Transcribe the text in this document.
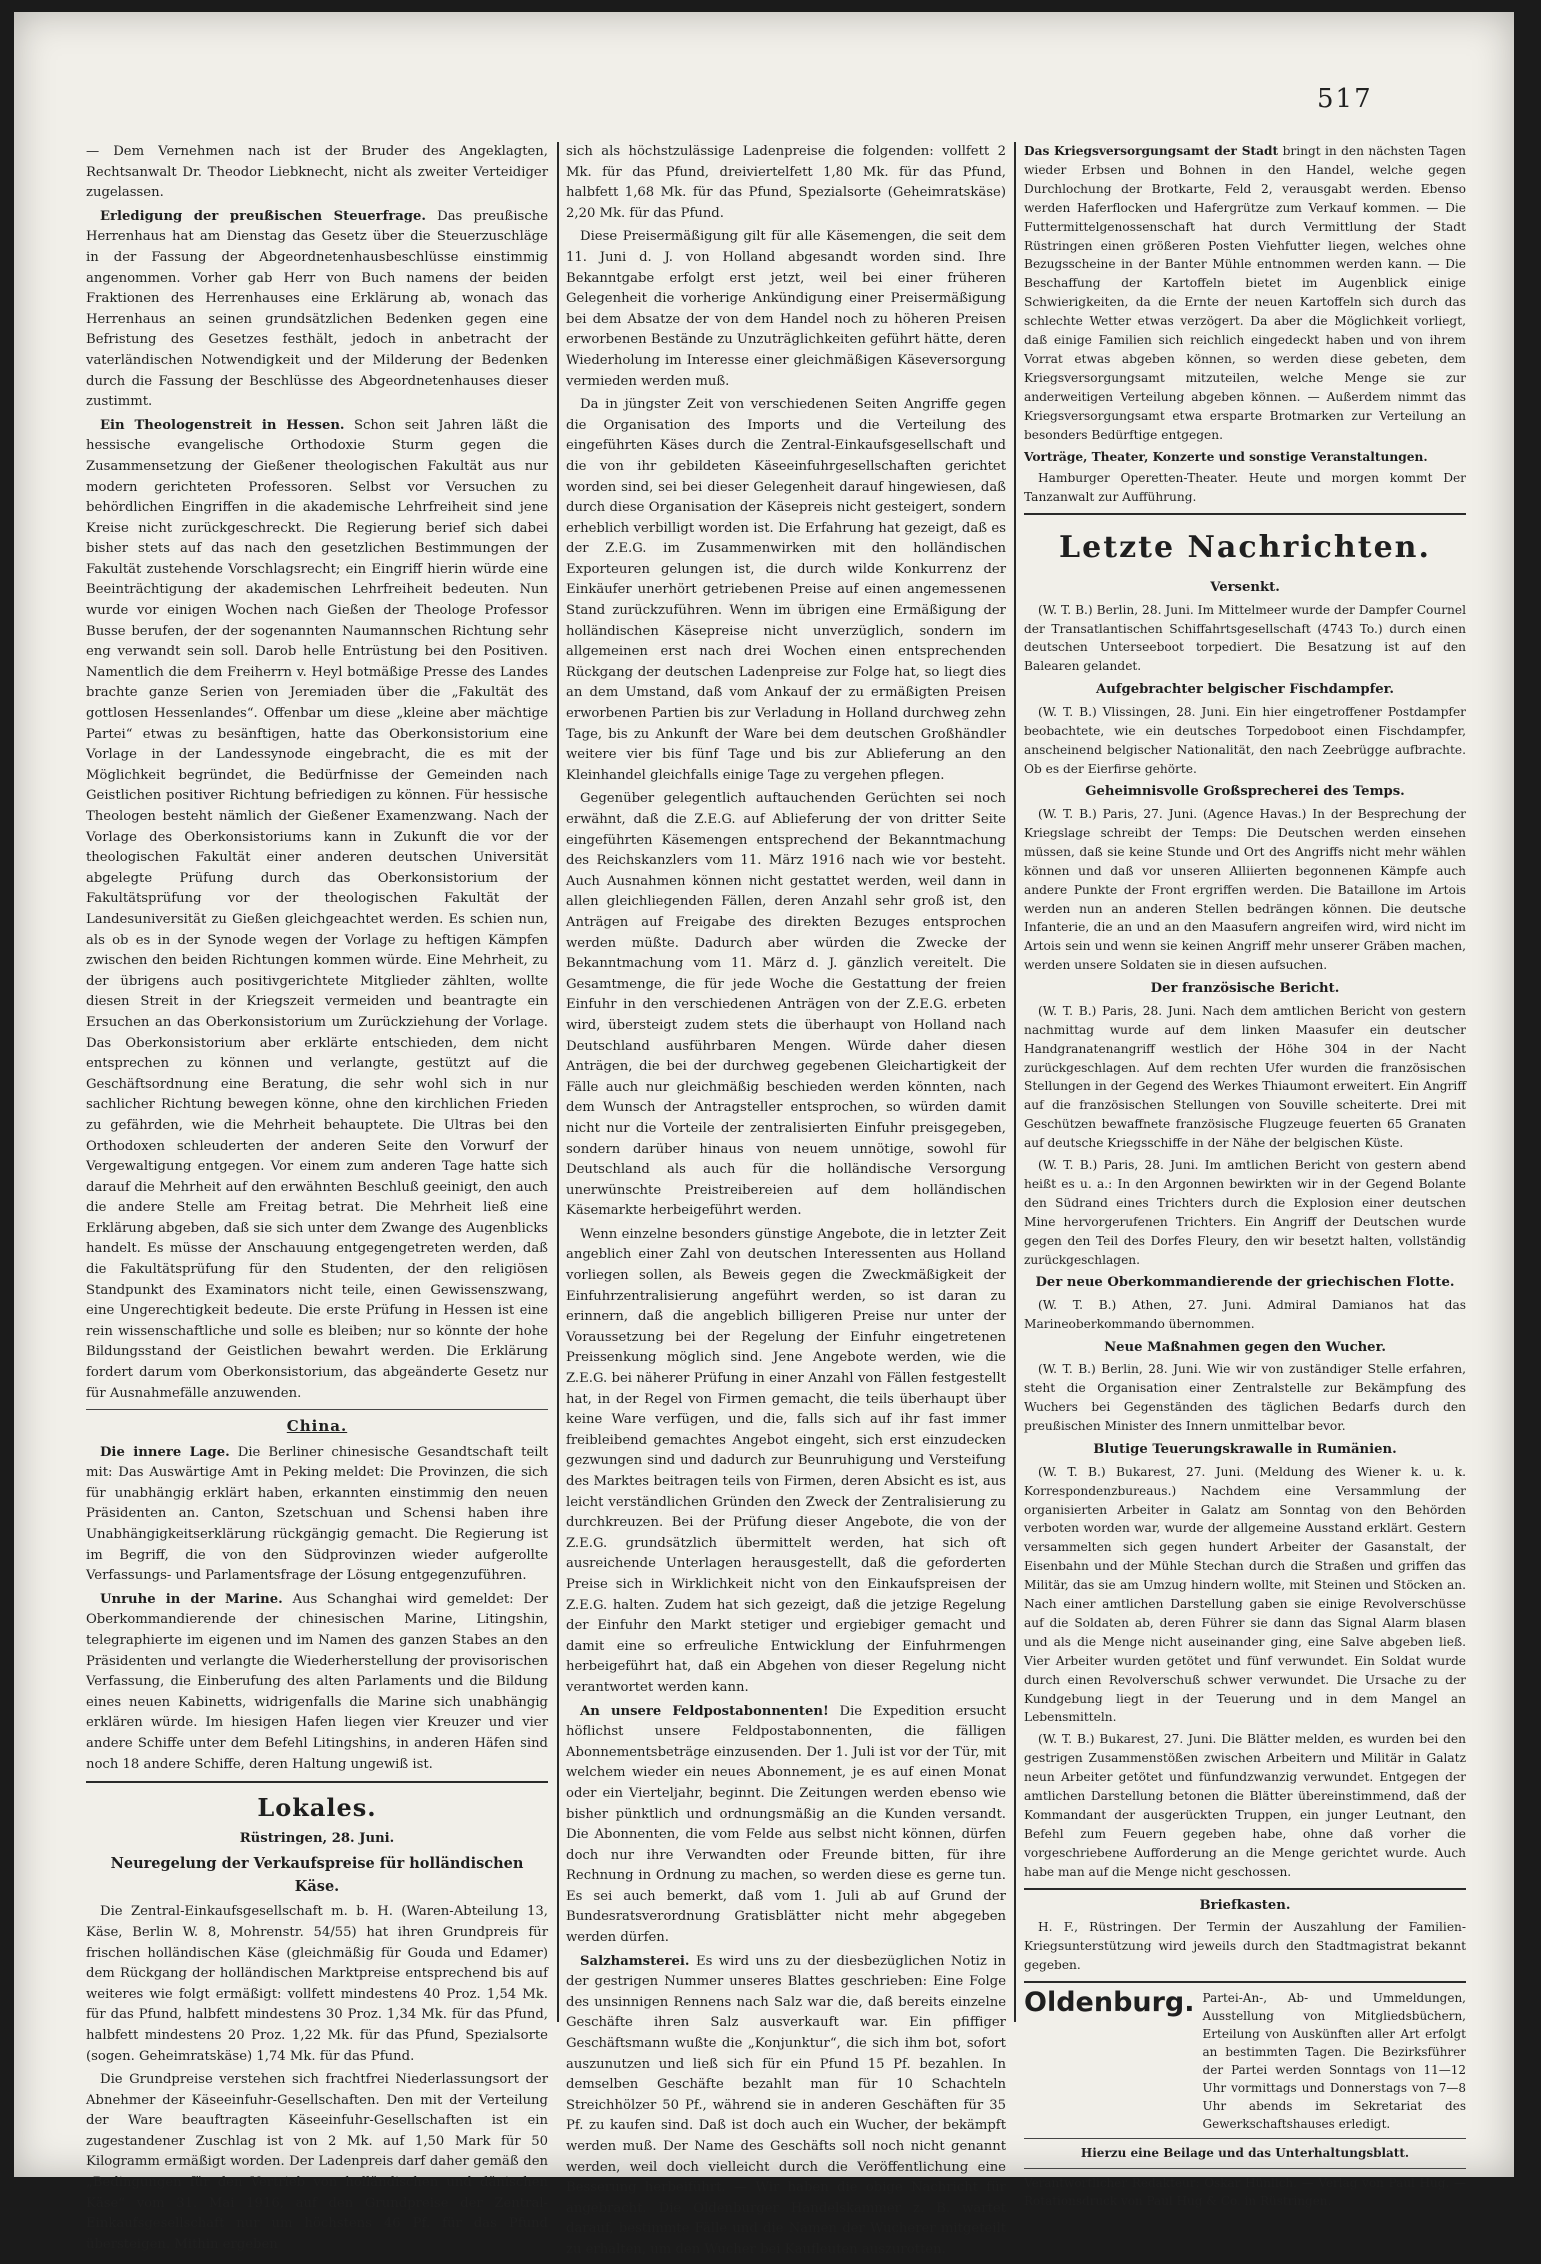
517

— Dem Vernehmen nach ist der Bruder des Angeklagten, Rechtsanwalt Dr. Theodor Liebknecht, nicht als zweiter Verteidiger zugelassen.

Erledigung der preußischen Steuerfrage. Das preußische Herrenhaus hat am Dienstag das Gesetz über die Steuerzuschläge in der Fassung der Abgeordnetenhausbeschlüsse einstimmig angenommen. Vorher gab Herr von Buch namens der beiden Fraktionen des Herrenhauses eine Erklärung ab, wonach das Herrenhaus an seinen grundsätzlichen Bedenken gegen eine Befristung des Gesetzes festhält, jedoch in anbetracht der vaterländischen Notwendigkeit und der Milderung der Bedenken durch die Fassung der Beschlüsse des Abgeordnetenhauses dieser zustimmt.

Ein Theologenstreit in Hessen. Schon seit Jahren läßt die hessische evangelische Orthodoxie Sturm gegen die Zusammensetzung der Gießener theologischen Fakultät aus nur modern gerichteten Professoren. Selbst vor Versuchen zu behördlichen Eingriffen in die akademische Lehrfreiheit sind jene Kreise nicht zurückgeschreckt. Die Regierung berief sich dabei bisher stets auf das nach den gesetzlichen Bestimmungen der Fakultät zustehende Vorschlagsrecht; ein Eingriff hierin würde eine Beeinträchtigung der akademischen Lehrfreiheit bedeuten. Nun wurde vor einigen Wochen nach Gießen der Theologe Professor Busse berufen, der der sogenannten Naumannschen Richtung sehr eng verwandt sein soll. Darob helle Entrüstung bei den Positiven. Namentlich die dem Freiherrn v. Heyl botmäßige Presse des Landes brachte ganze Serien von Jeremiaden über die „Fakultät des gottlosen Hessenlandes“. Offenbar um diese „kleine aber mächtige Partei“ etwas zu besänftigen, hatte das Oberkonsistorium eine Vorlage in der Landessynode eingebracht, die es mit der Möglichkeit begründet, die Bedürfnisse der Gemeinden nach Geistlichen positiver Richtung befriedigen zu können. Für hessische Theologen besteht nämlich der Gießener Examenzwang. Nach der Vorlage des Oberkonsistoriums kann in Zukunft die vor der theologischen Fakultät einer anderen deutschen Universität abgelegte Prüfung durch das Oberkonsistorium der Fakultätsprüfung vor der theologischen Fakultät der Landesuniversität zu Gießen gleichgeachtet werden. Es schien nun, als ob es in der Synode wegen der Vorlage zu heftigen Kämpfen zwischen den beiden Richtungen kommen würde. Eine Mehrheit, zu der übrigens auch positivgerichtete Mitglieder zählten, wollte diesen Streit in der Kriegszeit vermeiden und beantragte ein Ersuchen an das Oberkonsistorium um Zurückziehung der Vorlage. Das Oberkonsistorium aber erklärte entschieden, dem nicht entsprechen zu können und verlangte, gestützt auf die Geschäftsordnung eine Beratung, die sehr wohl sich in nur sachlicher Richtung bewegen könne, ohne den kirchlichen Frieden zu gefährden, wie die Mehrheit behauptete. Die Ultras bei den Orthodoxen schleuderten der anderen Seite den Vorwurf der Vergewaltigung entgegen. Vor einem zum anderen Tage hatte sich darauf die Mehrheit auf den erwähnten Beschluß geeinigt, den auch die andere Stelle am Freitag betrat. Die Mehrheit ließ eine Erklärung abgeben, daß sie sich unter dem Zwange des Augenblicks handelt. Es müsse der Anschauung entgegengetreten werden, daß die Fakultätsprüfung für den Studenten, der den religiösen Standpunkt des Examinators nicht teile, einen Gewissenszwang, eine Ungerechtigkeit bedeute. Die erste Prüfung in Hessen ist eine rein wissenschaftliche und solle es bleiben; nur so könnte der hohe Bildungsstand der Geistlichen bewahrt werden. Die Erklärung fordert darum vom Oberkonsistorium, das abgeänderte Gesetz nur für Ausnahmefälle anzuwenden.

China.

Die innere Lage. Die Berliner chinesische Gesandtschaft teilt mit: Das Auswärtige Amt in Peking meldet: Die Provinzen, die sich für unabhängig erklärt haben, erkannten einstimmig den neuen Präsidenten an. Canton, Szetschuan und Schensi haben ihre Unabhängigkeitserklärung rückgängig gemacht. Die Regierung ist im Begriff, die von den Südprovinzen wieder aufgerollte Verfassungs- und Parlamentsfrage der Lösung entgegenzuführen.

Unruhe in der Marine. Aus Schanghai wird gemeldet: Der Oberkommandierende der chinesischen Marine, Litingshin, telegraphierte im eigenen und im Namen des ganzen Stabes an den Präsidenten und verlangte die Wiederherstellung der provisorischen Verfassung, die Einberufung des alten Parlaments und die Bildung eines neuen Kabinetts, widrigenfalls die Marine sich unabhängig erklären würde. Im hiesigen Hafen liegen vier Kreuzer und vier andere Schiffe unter dem Befehl Litingshins, in anderen Häfen sind noch 18 andere Schiffe, deren Haltung ungewiß ist.

Lokales.
Rüstringen, 28. Juni.
Neuregelung der Verkaufspreise für holländischen Käse.

Die Zentral-Einkaufsgesellschaft m. b. H. (Waren-Abteilung 13, Käse, Berlin W. 8, Mohrenstr. 54/55) hat ihren Grundpreis für frischen holländischen Käse (gleichmäßig für Gouda und Edamer) dem Rückgang der holländischen Marktpreise entsprechend bis auf weiteres wie folgt ermäßigt: vollfett mindestens 40 Proz. 1,54 Mk. für das Pfund, halbfett mindestens 30 Proz. 1,34 Mk. für das Pfund, halbfett mindestens 20 Proz. 1,22 Mk. für das Pfund, Spezialsorte (sogen. Geheimratskäse) 1,74 Mk. für das Pfund.

Die Grundpreise verstehen sich frachtfrei Niederlassungsort der Abnehmer der Käseeinfuhr-Gesellschaften. Den mit der Verteilung der Ware beauftragten Käseeinfuhr-Gesellschaften ist ein zugestandener Zuschlag ist von 2 Mk. auf 1,50 Mark für 50 Kilogramm ermäßigt worden. Der Ladenpreis darf daher gemäß den „Bedingungen für den Vertrieb von holländischen und dänischen Käse“ vom 31. Mai 1916, auf den Grundpreise der Zentral-Einkaufsgesellschaft nur um höchstens 46 Pf. für das Pfund übersteigen. Mithin ergeben

sich als höchstzulässige Ladenpreise die folgenden: vollfett 2 Mk. für das Pfund, dreiviertelfett 1,80 Mk. für das Pfund, halbfett 1,68 Mk. für das Pfund, Spezialsorte (Geheimratskäse) 2,20 Mk. für das Pfund.

Diese Preisermäßigung gilt für alle Käsemengen, die seit dem 11. Juni d. J. von Holland abgesandt worden sind. Ihre Bekanntgabe erfolgt erst jetzt, weil bei einer früheren Gelegenheit die vorherige Ankündigung einer Preisermäßigung bei dem Absatze der von dem Handel noch zu höheren Preisen erworbenen Bestände zu Unzuträglichkeiten geführt hätte, deren Wiederholung im Interesse einer gleichmäßigen Käseversorgung vermieden werden muß.

Da in jüngster Zeit von verschiedenen Seiten Angriffe gegen die Organisation des Imports und die Verteilung des eingeführten Käses durch die Zentral-Einkaufsgesellschaft und die von ihr gebildeten Käseeinfuhrgesellschaften gerichtet worden sind, sei bei dieser Gelegenheit darauf hingewiesen, daß durch diese Organisation der Käsepreis nicht gesteigert, sondern erheblich verbilligt worden ist. Die Erfahrung hat gezeigt, daß es der Z.E.G. im Zusammenwirken mit den holländischen Exporteuren gelungen ist, die durch wilde Konkurrenz der Einkäufer unerhört getriebenen Preise auf einen angemessenen Stand zurückzuführen. Wenn im übrigen eine Ermäßigung der holländischen Käsepreise nicht unverzüglich, sondern im allgemeinen erst nach drei Wochen einen entsprechenden Rückgang der deutschen Ladenpreise zur Folge hat, so liegt dies an dem Umstand, daß vom Ankauf der zu ermäßigten Preisen erworbenen Partien bis zur Verladung in Holland durchweg zehn Tage, bis zu Ankunft der Ware bei dem deutschen Großhändler weitere vier bis fünf Tage und bis zur Ablieferung an den Kleinhandel gleichfalls einige Tage zu vergehen pflegen.

Gegenüber gelegentlich auftauchenden Gerüchten sei noch erwähnt, daß die Z.E.G. auf Ablieferung der von dritter Seite eingeführten Käsemengen entsprechend der Bekanntmachung des Reichskanzlers vom 11. März 1916 nach wie vor besteht. Auch Ausnahmen können nicht gestattet werden, weil dann in allen gleichliegenden Fällen, deren Anzahl sehr groß ist, den Anträgen auf Freigabe des direkten Bezuges entsprochen werden müßte. Dadurch aber würden die Zwecke der Bekanntmachung vom 11. März d. J. gänzlich vereitelt. Die Gesamtmenge, die für jede Woche die Gestattung der freien Einfuhr in den verschiedenen Anträgen von der Z.E.G. erbeten wird, übersteigt zudem stets die überhaupt von Holland nach Deutschland ausführbaren Mengen. Würde daher diesen Anträgen, die bei der durchweg gegebenen Gleichartigkeit der Fälle auch nur gleichmäßig beschieden werden könnten, nach dem Wunsch der Antragsteller entsprochen, so würden damit nicht nur die Vorteile der zentralisierten Einfuhr preisgegeben, sondern darüber hinaus von neuem unnötige, sowohl für Deutschland als auch für die holländische Versorgung unerwünschte Preistreibereien auf dem holländischen Käsemarkte herbeigeführt werden.

Wenn einzelne besonders günstige Angebote, die in letzter Zeit angeblich einer Zahl von deutschen Interessenten aus Holland vorliegen sollen, als Beweis gegen die Zweckmäßigkeit der Einfuhrzentralisierung angeführt werden, so ist daran zu erinnern, daß die angeblich billigeren Preise nur unter der Voraussetzung bei der Regelung der Einfuhr eingetretenen Preissenkung möglich sind. Jene Angebote werden, wie die Z.E.G. bei näherer Prüfung in einer Anzahl von Fällen festgestellt hat, in der Regel von Firmen gemacht, die teils überhaupt über keine Ware verfügen, und die, falls sich auf ihr fast immer freibleibend gemachtes Angebot eingeht, sich erst einzudecken gezwungen sind und dadurch zur Beunruhigung und Versteifung des Marktes beitragen teils von Firmen, deren Absicht es ist, aus leicht verständlichen Gründen den Zweck der Zentralisierung zu durchkreuzen. Bei der Prüfung dieser Angebote, die von der Z.E.G. grundsätzlich übermittelt werden, hat sich oft ausreichende Unterlagen herausgestellt, daß die geforderten Preise sich in Wirklichkeit nicht von den Einkaufspreisen der Z.E.G. halten. Zudem hat sich gezeigt, daß die jetzige Regelung der Einfuhr den Markt stetiger und ergiebiger gemacht und damit eine so erfreuliche Entwicklung der Einfuhrmengen herbeigeführt hat, daß ein Abgehen von dieser Regelung nicht verantwortet werden kann.

An unsere Feldpostabonnenten! Die Expedition ersucht höflichst unsere Feldpostabonnenten, die fälligen Abonnementsbeträge einzusenden. Der 1. Juli ist vor der Tür, mit welchem wieder ein neues Abonnement, je es auf einen Monat oder ein Vierteljahr, beginnt. Die Zeitungen werden ebenso wie bisher pünktlich und ordnungsmäßig an die Kunden versandt. Die Abonnenten, die vom Felde aus selbst nicht können, dürfen doch nur ihre Verwandten oder Freunde bitten, für ihre Rechnung in Ordnung zu machen, so werden diese es gerne tun. Es sei auch bemerkt, daß vom 1. Juli ab auf Grund der Bundesratsverordnung Gratisblätter nicht mehr abgegeben werden dürfen.

Salzhamsterei. Es wird uns zu der diesbezüglichen Notiz in der gestrigen Nummer unseres Blattes geschrieben: Eine Folge des unsinnigen Rennens nach Salz war die, daß bereits einzelne Geschäfte ihren Salz ausverkauft war. Ein pfiffiger Geschäftsmann wußte die „Konjunktur“, die sich ihm bot, sofort auszunutzen und ließ sich für ein Pfund 15 Pf. bezahlen. In demselben Geschäfte bezahlt man für 10 Schachteln Streichhölzer 50 Pf., während sie in anderen Geschäften für 35 Pf. zu kaufen sind. Daß ist doch auch ein Wucher, der bekämpft werden muß. Der Name des Geschäfts soll noch nicht genannt werden, weil doch vielleicht durch die Veröffentlichung eine Besserung herbeiführt. — Wir haben die obige Nachricht für angebracht. Die Oldenburger Handelskammer z. B. wartet darauf, bestimmte Fälle und die Namen der Wucherer mitgeteilt zu erhalten, um den Wucher bei Kaufleuten auszurotten.

Das Kriegsversorgungsamt der Stadt bringt in den nächsten Tagen wieder Erbsen und Bohnen in den Handel, welche gegen Durchlochung der Brotkarte, Feld 2, verausgabt werden. Ebenso werden Haferflocken und Hafergrütze zum Verkauf kommen. — Die Futtermittelgenossenschaft hat durch Vermittlung der Stadt Rüstringen einen größeren Posten Viehfutter liegen, welches ohne Bezugsscheine in der Banter Mühle entnommen werden kann. — Die Beschaffung der Kartoffeln bietet im Augenblick einige Schwierigkeiten, da die Ernte der neuen Kartoffeln sich durch das schlechte Wetter etwas verzögert. Da aber die Möglichkeit vorliegt, daß einige Familien sich reichlich eingedeckt haben und von ihrem Vorrat etwas abgeben können, so werden diese gebeten, dem Kriegsversorgungsamt mitzuteilen, welche Menge sie zur anderweitigen Verteilung abgeben können. — Außerdem nimmt das Kriegsversorgungsamt etwa ersparte Brotmarken zur Verteilung an besonders Bedürftige entgegen.

Vorträge, Theater, Konzerte und sonstige Veranstaltungen.

Hamburger Operetten-Theater. Heute und morgen kommt Der Tanzanwalt zur Aufführung.

Letzte Nachrichten.
Versenkt.

(W. T. B.) Berlin, 28. Juni. Im Mittelmeer wurde der Dampfer Cournel der Transatlantischen Schiffahrtsgesellschaft (4743 To.) durch einen deutschen Unterseeboot torpediert. Die Besatzung ist auf den Balearen gelandet.

Aufgebrachter belgischer Fischdampfer.

(W. T. B.) Vlissingen, 28. Juni. Ein hier eingetroffener Postdampfer beobachtete, wie ein deutsches Torpedoboot einen Fischdampfer, anscheinend belgischer Nationalität, den nach Zeebrügge aufbrachte. Ob es der Eierfirse gehörte.

Geheimnisvolle Großsprecherei des Temps.

(W. T. B.) Paris, 27. Juni. (Agence Havas.) In der Besprechung der Kriegslage schreibt der Temps: Die Deutschen werden einsehen müssen, daß sie keine Stunde und Ort des Angriffs nicht mehr wählen können und daß vor unseren Alliierten begonnenen Kämpfe auch andere Punkte der Front ergriffen werden. Die Bataillone im Artois werden nun an anderen Stellen bedrängen können. Die deutsche Infanterie, die an und an den Maasufern angreifen wird, wird nicht im Artois sein und wenn sie keinen Angriff mehr unserer Gräben machen, werden unsere Soldaten sie in diesen aufsuchen.

Der französische Bericht.

(W. T. B.) Paris, 28. Juni. Nach dem amtlichen Bericht von gestern nachmittag wurde auf dem linken Maasufer ein deutscher Handgranatenangriff westlich der Höhe 304 in der Nacht zurückgeschlagen. Auf dem rechten Ufer wurden die französischen Stellungen in der Gegend des Werkes Thiaumont erweitert. Ein Angriff auf die französischen Stellungen von Souville scheiterte. Drei mit Geschützen bewaffnete französische Flugzeuge feuerten 65 Granaten auf deutsche Kriegsschiffe in der Nähe der belgischen Küste.

(W. T. B.) Paris, 28. Juni. Im amtlichen Bericht von gestern abend heißt es u. a.: In den Argonnen bewirkten wir in der Gegend Bolante den Südrand eines Trichters durch die Explosion einer deutschen Mine hervorgerufenen Trichters. Ein Angriff der Deutschen wurde gegen den Teil des Dorfes Fleury, den wir besetzt halten, vollständig zurückgeschlagen.

Der neue Oberkommandierende der griechischen Flotte.

(W. T. B.) Athen, 27. Juni. Admiral Damianos hat das Marineoberkommando übernommen.

Neue Maßnahmen gegen den Wucher.

(W. T. B.) Berlin, 28. Juni. Wie wir von zuständiger Stelle erfahren, steht die Organisation einer Zentralstelle zur Bekämpfung des Wuchers bei Gegenständen des täglichen Bedarfs durch den preußischen Minister des Innern unmittelbar bevor.

Blutige Teuerungskrawalle in Rumänien.

(W. T. B.) Bukarest, 27. Juni. (Meldung des Wiener k. u. k. Korrespondenzbureaus.) Nachdem eine Versammlung der organisierten Arbeiter in Galatz am Sonntag von den Behörden verboten worden war, wurde der allgemeine Ausstand erklärt. Gestern versammelten sich gegen hundert Arbeiter der Gasanstalt, der Eisenbahn und der Mühle Stechan durch die Straßen und griffen das Militär, das sie am Umzug hindern wollte, mit Steinen und Stöcken an. Nach einer amtlichen Darstellung gaben sie einige Revolverschüsse auf die Soldaten ab, deren Führer sie dann das Signal Alarm blasen und als die Menge nicht auseinander ging, eine Salve abgeben ließ. Vier Arbeiter wurden getötet und fünf verwundet. Ein Soldat wurde durch einen Revolverschuß schwer verwundet. Die Ursache zu der Kundgebung liegt in der Teuerung und in dem Mangel an Lebensmitteln.

(W. T. B.) Bukarest, 27. Juni. Die Blätter melden, es wurden bei den gestrigen Zusammenstößen zwischen Arbeitern und Militär in Galatz neun Arbeiter getötet und fünfundzwanzig verwundet. Entgegen der amtlichen Darstellung betonen die Blätter übereinstimmend, daß der Kommandant der ausgerückten Truppen, ein junger Leutnant, den Befehl zum Feuern gegeben habe, ohne daß vorher die vorgeschriebene Aufforderung an die Menge gerichtet wurde. Auch habe man auf die Menge nicht geschossen.

Briefkasten.

H. F., Rüstringen. Der Termin der Auszahlung der Familien-Kriegsunterstützung wird jeweils durch den Stadtmagistrat bekannt gegeben.

Oldenburg. Partei-An-, Ab- und Ummeldungen, Ausstellung von Mitgliedsbüchern, Erteilung von Auskünften aller Art erfolgt an bestimmten Tagen. Die Bezirksführer der Partei werden Sonntags von 11—12 Uhr vormittags und Donnerstags von 7—8 Uhr abends im Sekretariat des Gewerkschaftshauses erledigt.
Hierzu eine Beilage und das Unterhaltungsblatt.
Verantwortlicher Redakteur: Oskar Hünlich. — Verlag von Paul Hug. — Rotationsdruck von Paul Hug & Co. in Rüstringen.
